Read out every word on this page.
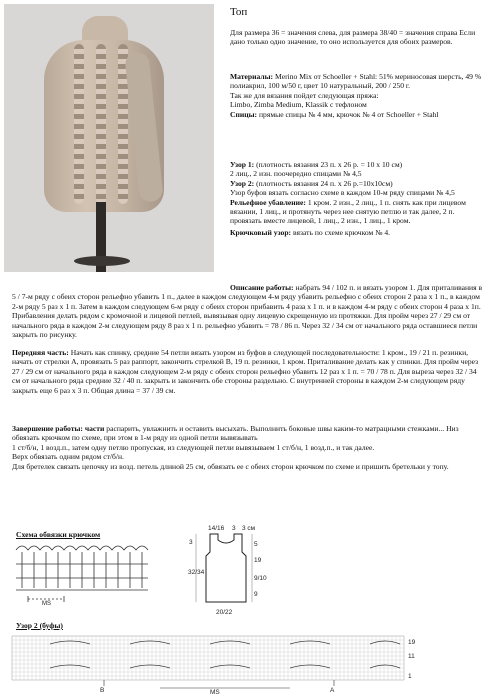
Топ

Для размера 36 = значения слева, для размера 38/40 = значения справа Если дано только одно значение, то оно используется для обоих размеров.

Материалы: Merino Mix от Schoeller + Stahl: 51% мериносовая шерсть, 49 % полиакрил, 100 м/50 г, цвет 10 натуральный, 200 / 250 г.

Так же для вязания пойдет следующая пряжа:

Limbo, Zimba Medium, Klassik с тефлоном

Спицы: прямые спицы № 4 мм, крючок № 4 от Schoeller + Stahl

Узор 1: (плотность вязания 23 п. х 26 р. = 10 х 10 см)

2 лиц., 2 изн. поочередно спицами № 4,5

Узор 2: (плотность вязания 24 п. х 26 р.=10х10см)

Узор буфов вязать согласно схеме в каждом 10-м ряду спицами № 4,5

Рельефное убавление: 1 кром. 2 изн., 2 лиц., 1 п. снять как при лицевом вязании, 1 лиц., и протянуть через нее снятую петлю и так далее, 2 п. провязать вместе лицевой, 1 лиц., 2 изн., 1 лиц., 1 кром.

Крючковый узор: вязать по схеме крючком № 4.

Описание работы: набрать 94 / 102 п. и вязать узором 1. Для приталивания в 5 / 7-м ряду с обеих сторон рельефно убавить 1 п., далее в каждом следующем 4-м ряду убавить рельефно с обеих сторон 2 раза х 1 п., в каждом 2-м ряду 5 раз х 1 п. Затем в каждом следующем 6-м ряду с обеих сторон прибавить 4 раза х 1 п. и в каждом 4-м ряду с обеих сторон 4 раза х 1п. Прибавления делать рядом с кромочной и лицевой петлей, вывязывая одну лицевую скрещенную из протяжки. Для пройм через 27 / 29 см от начального ряда в каждом 2-м следующем ряду 8 раз х 1 п. рельефно убавить = 78 / 86 п. Через 32 / 34 см от начального ряда оставшиеся петли закрыть по рисунку.

Передняя часть: Начать как спинку, средние 54 петли вязать узором из буфов в следующей последовательности: 1 кром., 19 / 21 п. резинки, начать от стрелки А, провязать 5 раз раппорт, закончить стрелкой В, 19 п. резинки, 1 кром. Приталивание делать как у спинки. Для пройм через 27 / 29 см от начального ряда в каждом следующем 2-м ряду с обеих сторон рельефно убавить 12 раз х 1 п. = 70 / 78 п. Для выреза через 32 / 34 см от начального ряда средние 32 / 40 п. закрыть и закончить обе стороны раздельно. С внутренней стороны в каждом 2-м следующем ряду закрыть еще 6 раз х 3 п. Общая длина = 37 / 39 см.

Завершение работы: части распарить, увлажнить и оставить высыхать. Выполнить боковые швы каким-то матрацными стежками... Низ обвязать крючком по схеме, при этом в 1-м ряду из одной петли вывязывать

1 ст/б/н, 1 возд.п., затем одну петлю пропуская, из следующей петли вывязываем 1 ст/б/н, 1 возд.п., и так далее.

Верх обвязать одним рядом ст/б/н.

Для бретелек связать цепочку из возд. петель длиной 25 см, обвязать ее с обеих сторон крючком по схеме и пришить бретельки у топу.

Схема обвязки крючком
MS
14/16 3 3 см
3
32/34
5
19
9/10
9
20/22
Узор 2 (буфы)
19
11
1
B	A
MS
